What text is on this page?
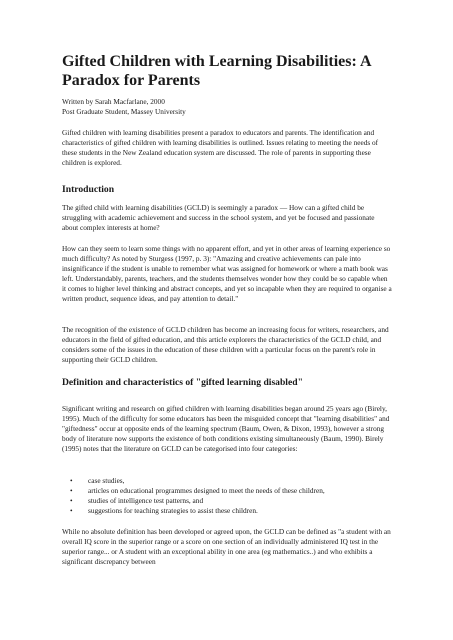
Gifted Children with Learning Disabilities: A Paradox for Parents
Written by Sarah Macfarlane, 2000
Post Graduate Student, Massey University

Gifted children with learning disabilities present a paradox to educators and parents. The identification and characteristics of gifted children with learning disabilities is outlined. Issues relating to meeting the needs of these students in the New Zealand education system are discussed. The role of parents in supporting these children is explored.

Introduction

The gifted child with learning disabilities (GCLD) is seemingly a paradox — How can a gifted child be struggling with academic achievement and success in the school system, and yet be focused and passionate about complex interests at home?

How can they seem to learn some things with no apparent effort, and yet in other areas of learning experience so much difficulty? As noted by Sturgess (1997, p. 3): "Amazing and creative achievements can pale into insignificance if the student is unable to remember what was assigned for homework or where a math book was left. Understandably, parents, teachers, and the students themselves wonder how they could be so capable when it comes to higher level thinking and abstract concepts, and yet so incapable when they are required to organise a written product, sequence ideas, and pay attention to detail."

The recognition of the existence of GCLD children has become an increasing focus for writers, researchers, and educators in the field of gifted education, and this article explorers the characteristics of the GCLD child, and considers some of the issues in the education of these children with a particular focus on the parent's role in supporting their GCLD children.

Definition and characteristics of "gifted learning disabled"

Significant writing and research on gifted children with learning disabilities began around 25 years ago (Birely, 1995). Much of the difficulty for some educators has been the misguided concept that "learning disabilities" and "giftedness" occur at opposite ends of the learning spectrum (Baum, Owen, & Dixon, 1993), however a strong body of literature now supports the existence of both conditions existing simultaneously (Baum, 1990). Birely (1995) notes that the literature on GCLD can be categorised into four categories:

• case studies,
• articles on educational programmes designed to meet the needs of these children,
• studies of intelligence test patterns, and
• suggestions for teaching strategies to assist these children.

While no absolute definition has been developed or agreed upon, the GCLD can be defined as "a student with an overall IQ score in the superior range or a score on one section of an individually administered IQ test in the superior range... or A student with an exceptional ability in one area (eg mathematics..) and who exhibits a significant discrepancy between
